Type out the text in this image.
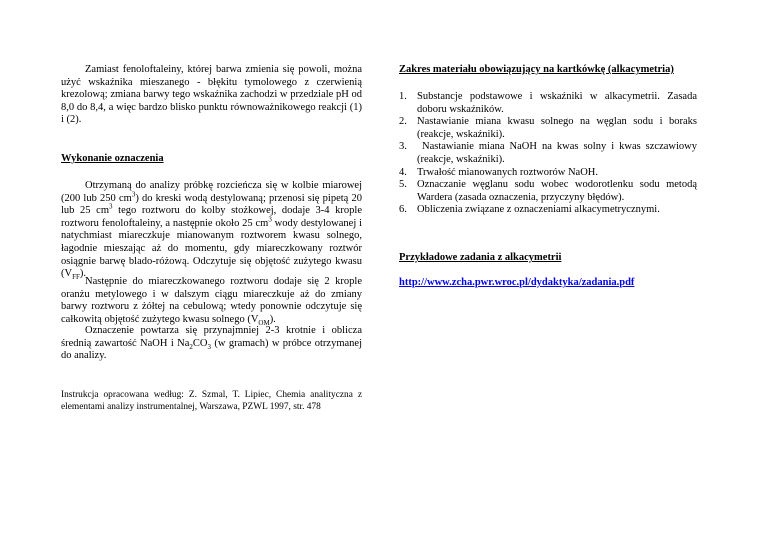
Zamiast fenoloftaleiny, której barwa zmienia się powoli, można użyć wskaźnika mieszanego - błękitu tymolowego z czerwienią krezolową; zmiana barwy tego wskaźnika zachodzi w przedziale pH od 8,0 do 8,4, a więc bardzo blisko punktu równoważnikowego reakcji (1) i (2).

Wykonanie oznaczenia

Otrzymaną do analizy próbkę rozcieńcza się w kolbie miarowej (200 lub 250 $cm^3$) do kreski wodą destylowaną; przenosi się pipetą 20 lub 25 $cm^3$ tego roztworu do kolby stożkowej, dodaje 3-4 krople roztworu fenoloftaleiny, a następnie około 25 $cm^3$ wody destylowanej i natychmiast miareczkuje mianowanym roztworem kwasu solnego, łagodnie mieszając aż do momentu, gdy miareczkowany roztwór osiągnie barwę blado-różową. Odczytuje się objętość zużytego kwasu $(V_{FF})$.

Następnie do miareczkowanego roztworu dodaje się 2 krople oranżu metylowego i w dalszym ciągu miareczkuje aż do zmiany barwy roztworu z żółtej na cebulową; wtedy ponownie odczytuje się całkowitą objętość zużytego kwasu solnego $(V_{OM})$.

Oznaczenie powtarza się przynajmniej 2-3 krotnie i oblicza średnią zawartość NaOH i $Na_2CO_3$ (w gramach) w próbce otrzymanej do analizy.

Instrukcja opracowana według: Z. Szmal, T. Lipiec, Chemia analityczna z elementami analizy instrumentalnej, Warszawa, PZWL 1997, str. 478

Zakres materiału obowiązujący na kartkówkę (alkacymetria)

1. Substancje podstawowe i wskaźniki w alkacymetrii. Zasada doboru wskaźników.
2. Nastawianie miana kwasu solnego na węglan sodu i boraks (reakcje, wskaźniki).
3. Nastawianie miana NaOH na kwas solny i kwas szczawiowy (reakcje, wskaźniki).
4. Trwałość mianowanych roztworów NaOH.
5. Oznaczanie węglanu sodu wobec wodorotlenku sodu metodą Wardera (zasada oznaczenia, przyczyny błędów).
6. Obliczenia związane z oznaczeniami alkacymetrycznymi.

Przykładowe zadania z alkacymetrii

http://www.zcha.pwr.wroc.pl/dydaktyka/zadania.pdf
